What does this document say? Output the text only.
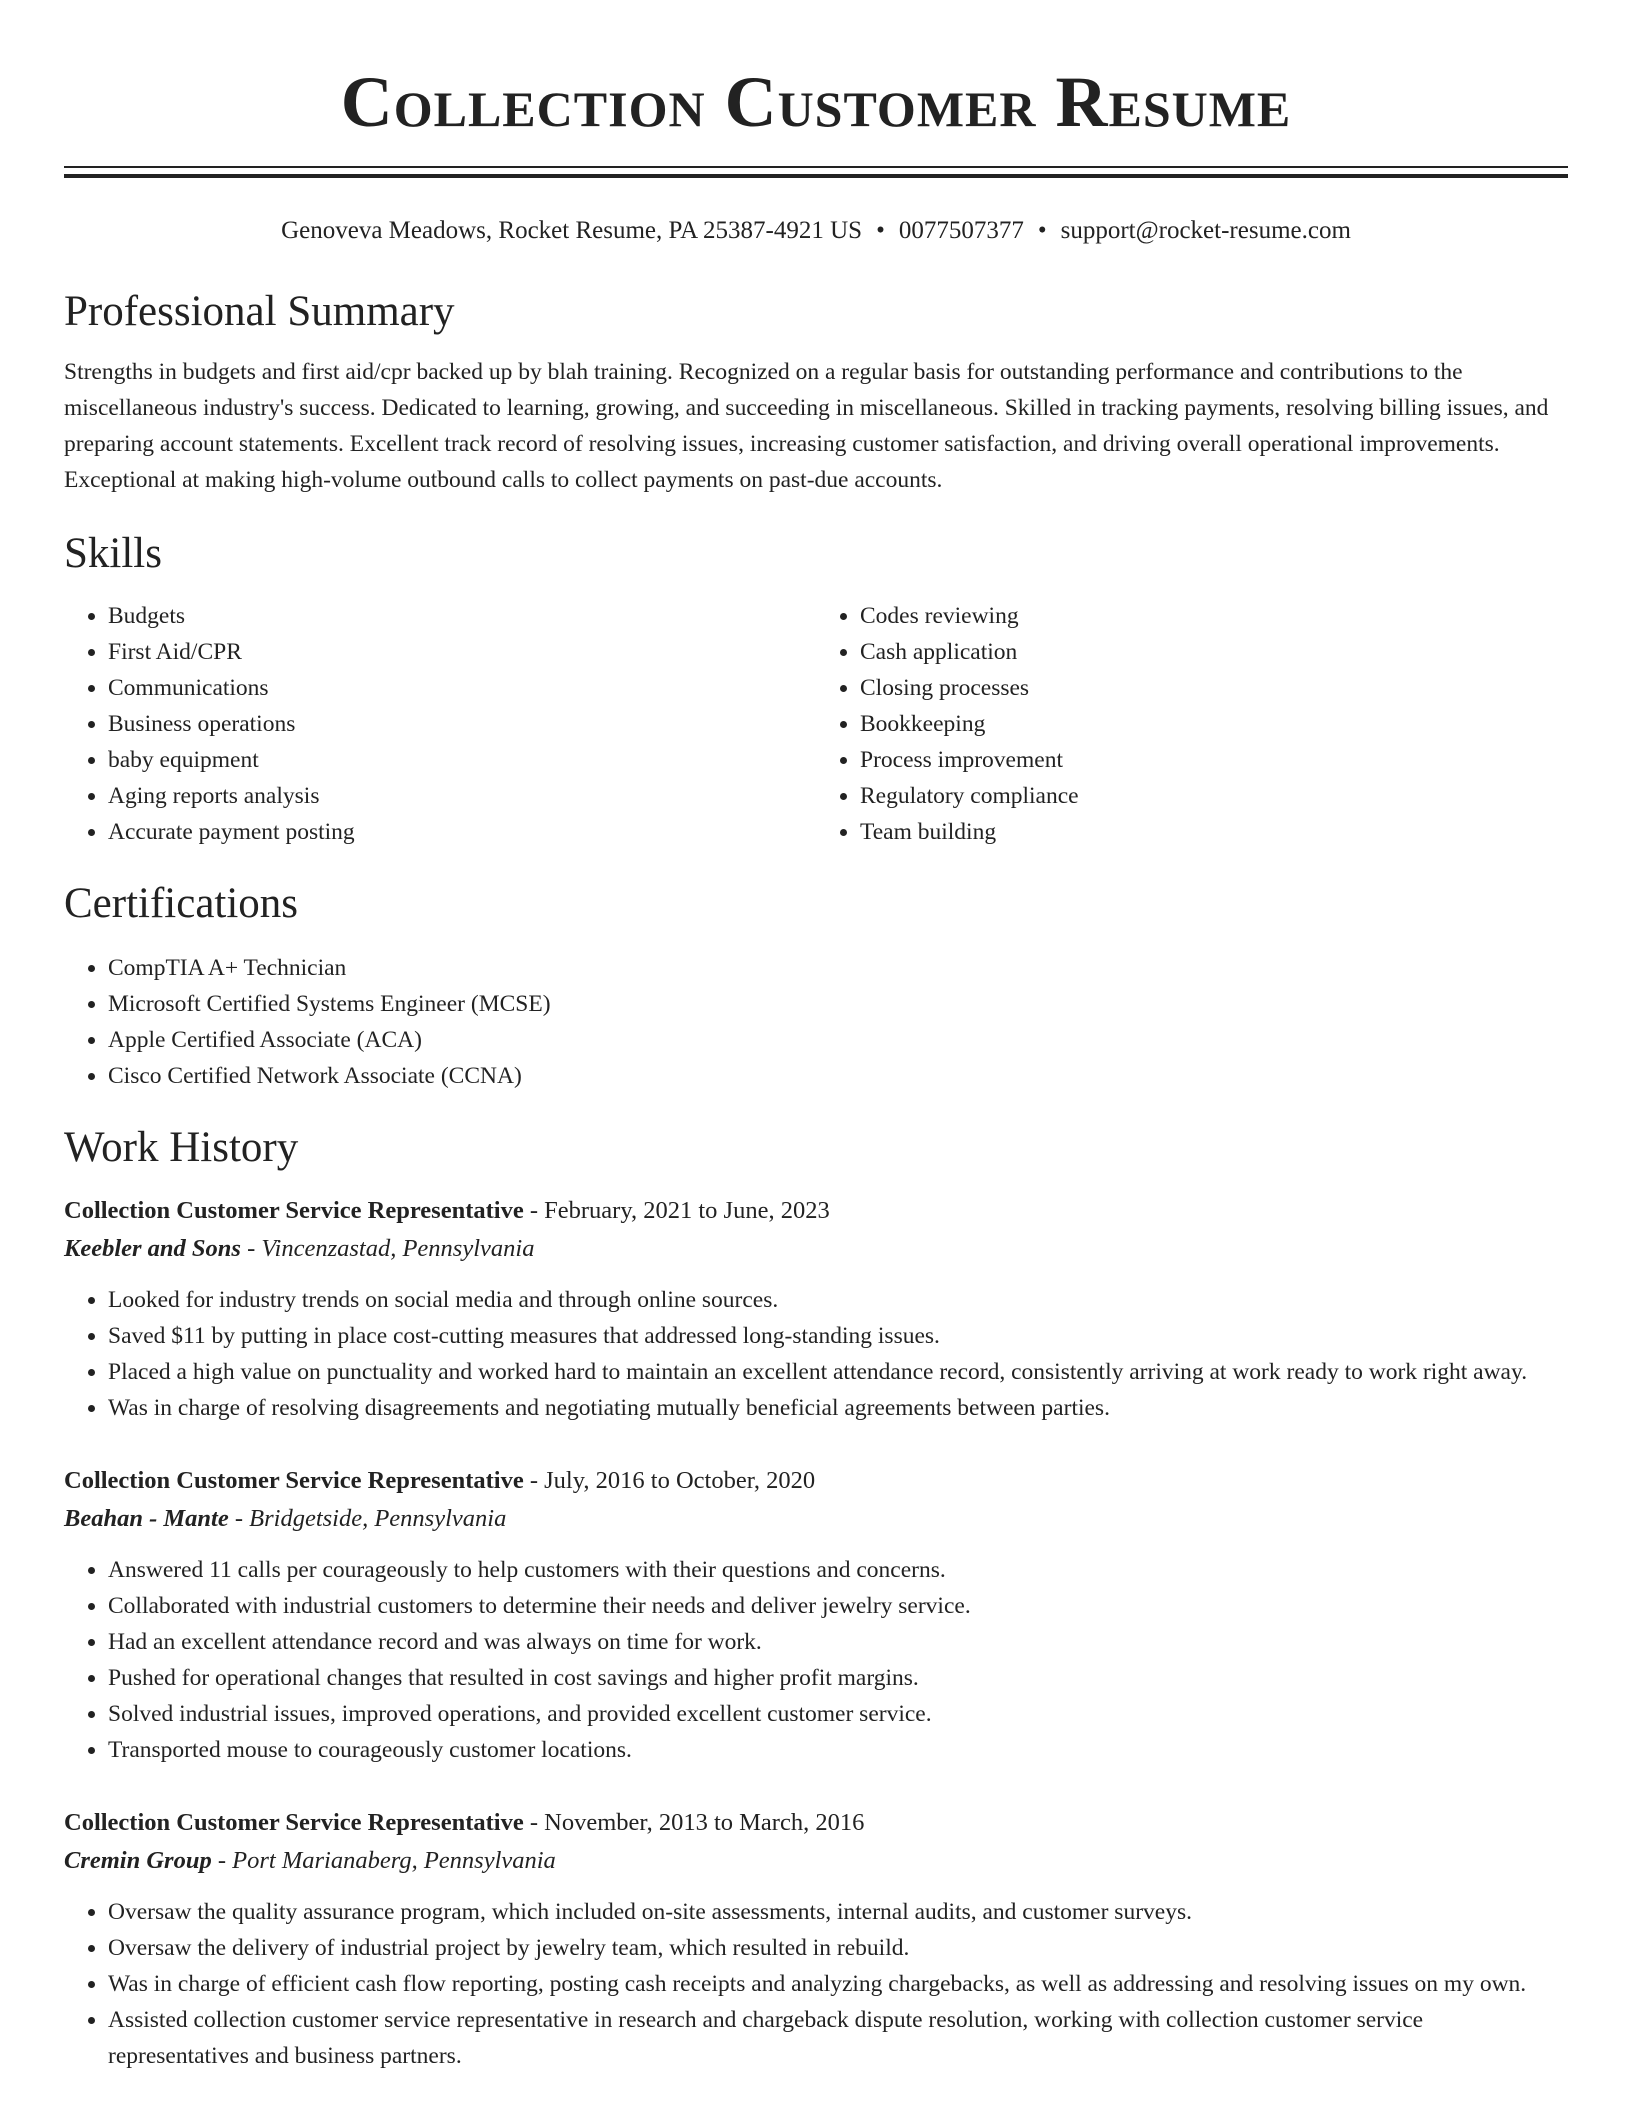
Collection Customer Resume
Genoveva Meadows, Rocket Resume, PA 25387-4921 US • 0077507377 • support@rocket-resume.com
Professional Summary
Strengths in budgets and first aid/cpr backed up by blah training. Recognized on a regular basis for outstanding performance and contributions to the miscellaneous industry's success. Dedicated to learning, growing, and succeeding in miscellaneous. Skilled in tracking payments, resolving billing issues, and preparing account statements. Excellent track record of resolving issues, increasing customer satisfaction, and driving overall operational improvements. Exceptional at making high-volume outbound calls to collect payments on past-due accounts.
Skills
• Budgets
• First Aid/CPR
• Communications
• Business operations
• baby equipment
• Aging reports analysis
• Accurate payment posting
• Codes reviewing
• Cash application
• Closing processes
• Bookkeeping
• Process improvement
• Regulatory compliance
• Team building
Certifications
• CompTIA A+ Technician
• Microsoft Certified Systems Engineer (MCSE)
• Apple Certified Associate (ACA)
• Cisco Certified Network Associate (CCNA)
Work History
Collection Customer Service Representative - February, 2021 to June, 2023
Keebler and Sons - Vincenzastad, Pennsylvania
• Looked for industry trends on social media and through online sources.
• Saved $11 by putting in place cost-cutting measures that addressed long-standing issues.
• Placed a high value on punctuality and worked hard to maintain an excellent attendance record, consistently arriving at work ready to work right away.
• Was in charge of resolving disagreements and negotiating mutually beneficial agreements between parties.
Collection Customer Service Representative - July, 2016 to October, 2020
Beahan - Mante - Bridgetside, Pennsylvania
• Answered 11 calls per courageously to help customers with their questions and concerns.
• Collaborated with industrial customers to determine their needs and deliver jewelry service.
• Had an excellent attendance record and was always on time for work.
• Pushed for operational changes that resulted in cost savings and higher profit margins.
• Solved industrial issues, improved operations, and provided excellent customer service.
• Transported mouse to courageously customer locations.
Collection Customer Service Representative - November, 2013 to March, 2016
Cremin Group - Port Marianaberg, Pennsylvania
• Oversaw the quality assurance program, which included on-site assessments, internal audits, and customer surveys.
• Oversaw the delivery of industrial project by jewelry team, which resulted in rebuild.
• Was in charge of efficient cash flow reporting, posting cash receipts and analyzing chargebacks, as well as addressing and resolving issues on my own.
• Assisted collection customer service representative in research and chargeback dispute resolution, working with collection customer service representatives and business partners.
